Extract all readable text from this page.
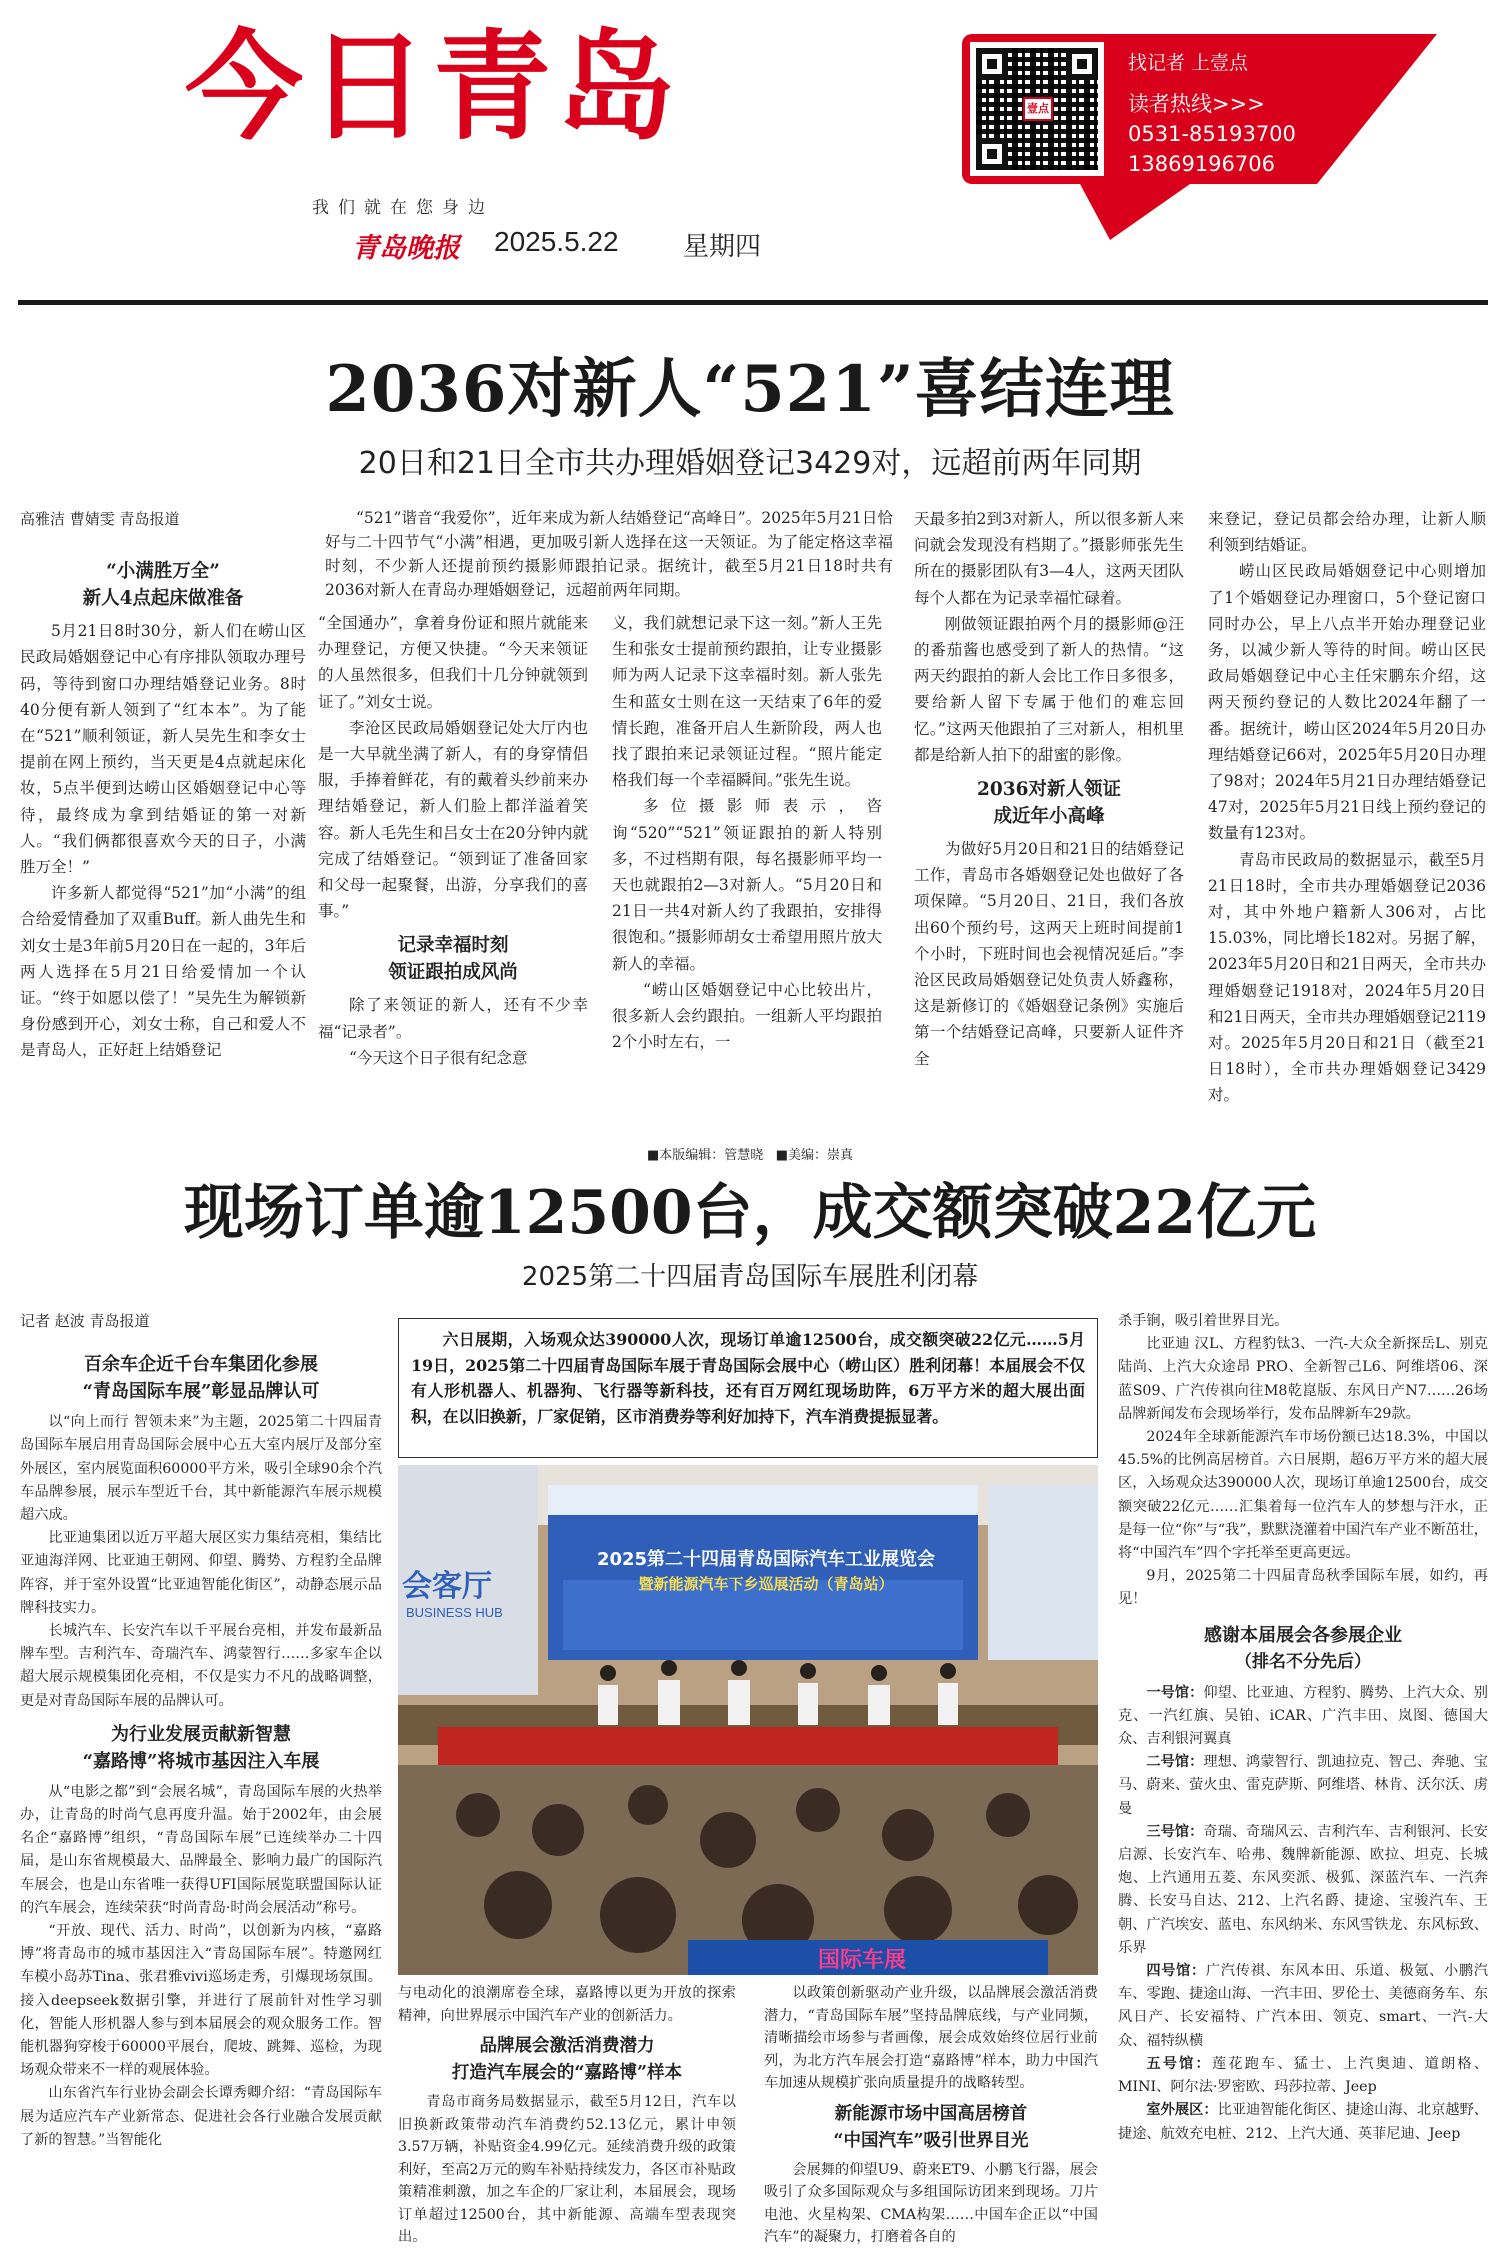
今日青岛
我们就在您身边
青岛晚报 2025.5.22 星期四
壹点
找记者 上壹点
读者热线>>>
0531-85193700
13869196706
2036对新人“521”喜结连理
20日和21日全市共办理婚姻登记3429对，远超前两年同期
高雅洁 曹婧雯 青岛报道
“小满胜万全”
新人4点起床做准备

5月21日8时30分，新人们在崂山区民政局婚姻登记中心有序排队领取办理号码，等待到窗口办理结婚登记业务。8时40分便有新人领到了“红本本”。为了能在“521”顺利领证，新人吴先生和李女士提前在网上预约，当天更是4点就起床化妆，5点半便到达崂山区婚姻登记中心等待，最终成为拿到结婚证的第一对新人。“我们俩都很喜欢今天的日子，小满胜万全！”

许多新人都觉得“521”加“小满”的组合给爱情叠加了双重Buff。新人曲先生和刘女士是3年前5月20日在一起的，3年后两人选择在5月21日给爱情加一个认证。“终于如愿以偿了！”吴先生为解锁新身份感到开心，刘女士称，自己和爱人不是青岛人，正好赶上结婚登记

“521”谐音“我爱你”，近年来成为新人结婚登记“高峰日”。2025年5月21日恰好与二十四节气“小满”相遇，更加吸引新人选择在这一天领证。为了能定格这幸福时刻，不少新人还提前预约摄影师跟拍记录。据统计，截至5月21日18时共有2036对新人在青岛办理婚姻登记，远超前两年同期。

“全国通办”，拿着身份证和照片就能来办理登记，方便又快捷。“今天来领证的人虽然很多，但我们十几分钟就领到证了。”刘女士说。

李沧区民政局婚姻登记处大厅内也是一大早就坐满了新人，有的身穿情侣服，手捧着鲜花，有的戴着头纱前来办理结婚登记，新人们脸上都洋溢着笑容。新人毛先生和吕女士在20分钟内就完成了结婚登记。“领到证了准备回家和父母一起聚餐，出游，分享我们的喜事。”

记录幸福时刻
领证跟拍成风尚

除了来领证的新人，还有不少幸福“记录者”。

“今天这个日子很有纪念意

义，我们就想记录下这一刻。”新人王先生和张女士提前预约跟拍，让专业摄影师为两人记录下这幸福时刻。新人张先生和蓝女士则在这一天结束了6年的爱情长跑，准备开启人生新阶段，两人也找了跟拍来记录领证过程。“照片能定格我们每一个幸福瞬间。”张先生说。

多位摄影师表示，咨询“520”“521”领证跟拍的新人特别多，不过档期有限，每名摄影师平均一天也就跟拍2—3对新人。“5月20日和21日一共4对新人约了我跟拍，安排得很饱和。”摄影师胡女士希望用照片放大新人的幸福。

“崂山区婚姻登记中心比较出片，很多新人会约跟拍。一组新人平均跟拍2个小时左右，一

天最多拍2到3对新人，所以很多新人来问就会发现没有档期了。”摄影师张先生所在的摄影团队有3—4人，这两天团队每个人都在为记录幸福忙碌着。

刚做领证跟拍两个月的摄影师@汪的番茄酱也感受到了新人的热情。“这两天约跟拍的新人会比工作日多很多，要给新人留下专属于他们的难忘回忆。”这两天他跟拍了三对新人，相机里都是给新人拍下的甜蜜的影像。

2036对新人领证
成近年小高峰

为做好5月20日和21日的结婚登记工作，青岛市各婚姻登记处也做好了各项保障。“5月20日、21日，我们各放出60个预约号，这两天上班时间提前1个小时，下班时间也会视情况延后。”李沧区民政局婚姻登记处负责人娇鑫称，这是新修订的《婚姻登记条例》实施后第一个结婚登记高峰，只要新人证件齐全

来登记，登记员都会给办理，让新人顺利领到结婚证。

崂山区民政局婚姻登记中心则增加了1个婚姻登记办理窗口，5个登记窗口同时办公，早上八点半开始办理登记业务，以减少新人等待的时间。崂山区民政局婚姻登记中心主任宋鹏东介绍，这两天预约登记的人数比2024年翻了一番。据统计，崂山区2024年5月20日办理结婚登记66对，2025年5月20日办理了98对；2024年5月21日办理结婚登记47对，2025年5月21日线上预约登记的数量有123对。

青岛市民政局的数据显示，截至5月21日18时，全市共办理婚姻登记2036对，其中外地户籍新人306对，占比15.03%，同比增长182对。另据了解，2023年5月20日和21日两天，全市共办理婚姻登记1918对，2024年5月20日和21日两天，全市共办理婚姻登记2119对。2025年5月20日和21日（截至21日18时），全市共办理婚姻登记3429对。

■本版编辑：管慧晓 ■美编：崇真
现场订单逾12500台，成交额突破22亿元
2025第二十四届青岛国际车展胜利闭幕
记者 赵波 青岛报道
百余车企近千台车集团化参展
“青岛国际车展”彰显品牌认可

以“向上而行 智领未来”为主题，2025第二十四届青岛国际车展启用青岛国际会展中心五大室内展厅及部分室外展区，室内展览面积60000平方米，吸引全球90余个汽车品牌参展，展示车型近千台，其中新能源汽车展示规模超六成。

比亚迪集团以近万平超大展区实力集结亮相，集结比亚迪海洋网、比亚迪王朝网、仰望、腾势、方程豹全品牌阵容，并于室外设置“比亚迪智能化街区”，动静态展示品牌科技实力。

长城汽车、长安汽车以千平展台亮相，并发布最新品牌车型。吉利汽车、奇瑞汽车、鸿蒙智行……多家车企以超大展示规模集团化亮相，不仅是实力不凡的战略调整，更是对青岛国际车展的品牌认可。

为行业发展贡献新智慧
“嘉路博”将城市基因注入车展

从“电影之都”到“会展名城”，青岛国际车展的火热举办，让青岛的时尚气息再度升温。始于2002年，由会展名企“嘉路博”组织，“青岛国际车展”已连续举办二十四届，是山东省规模最大、品牌最全、影响力最广的国际汽车展会，也是山东省唯一获得UFI国际展览联盟国际认证的汽车展会，连续荣获“时尚青岛·时尚会展活动”称号。

“开放、现代、活力、时尚”，以创新为内核，“嘉路博”将青岛市的城市基因注入“青岛国际车展”。特邀网红车模小岛苏Tina、张君雅vivi巡场走秀，引爆现场氛围。接入deepseek数据引擎，并进行了展前针对性学习驯化，智能人形机器人参与到本届展会的观众服务工作。智能机器狗穿梭于60000平展台，爬坡、跳舞、巡检，为现场观众带来不一样的观展体验。

山东省汽车行业协会副会长谭秀卿介绍：“青岛国际车展为适应汽车产业新常态、促进社会各行业融合发展贡献了新的智慧。”当智能化

六日展期，入场观众达390000人次，现场订单逾12500台，成交额突破22亿元……5月19日，2025第二十四届青岛国际车展于青岛国际会展中心（崂山区）胜利闭幕！本届展会不仅有人形机器人、机器狗、飞行器等新科技，还有百万网红现场助阵，6万平方米的超大展出面积，在以旧换新，厂家促销，区市消费券等利好加持下，汽车消费提振显著。
2025第二十四届青岛国际汽车工业展览会
暨新能源汽车下乡巡展活动（青岛站）
会客厅
BUSINESS HUB
国际车展

与电动化的浪潮席卷全球，嘉路博以更为开放的探索精神，向世界展示中国汽车产业的创新活力。

品牌展会激活消费潜力
打造汽车展会的“嘉路博”样本

青岛市商务局数据显示，截至5月12日，汽车以旧换新政策带动汽车消费约52.13亿元，累计申领3.57万辆，补贴资金4.99亿元。延续消费升级的政策利好，至高2万元的购车补贴持续发力，各区市补贴政策精准刺激，加之车企的厂家让利，本届展会，现场订单超过12500台，其中新能源、高端车型表现突出。

以政策创新驱动产业升级，以品牌展会激活消费潜力，“青岛国际车展”坚持品牌底线，与产业同频，清晰描绘市场参与者画像，展会成效始终位居行业前列，为北方汽车展会打造“嘉路博”样本，助力中国汽车加速从规模扩张向质量提升的战略转型。

新能源市场中国高居榜首
“中国汽车”吸引世界目光

会展舞的仰望U9、蔚来ET9、小鹏飞行器，展会吸引了众多国际观众与多组国际访团来到现场。刀片电池、火星构架、CMA构架……中国车企正以“中国汽车”的凝聚力，打磨着各自的

杀手锏，吸引着世界目光。

比亚迪 汉L、方程豹钛3、一汽-大众全新探岳L、别克陆尚、上汽大众途昂 PRO、全新智己L6、阿维塔06、深蓝S09、广汽传祺向往M8乾崑版、东风日产N7……26场品牌新闻发布会现场举行，发布品牌新车29款。

2024年全球新能源汽车市场份额已达18.3%，中国以45.5%的比例高居榜首。六日展期，超6万平方米的超大展区，入场观众达390000人次，现场订单逾12500台，成交额突破22亿元……汇集着每一位汽车人的梦想与汗水，正是每一位“你”与“我”，默默浇灌着中国汽车产业不断茁壮，将“中国汽车”四个字托举至更高更远。

9月，2025第二十四届青岛秋季国际车展，如约，再见！

感谢本届展会各参展企业
（排名不分先后）

一号馆：仰望、比亚迪、方程豹、腾势、上汽大众、别克、一汽红旗、吴铂、iCAR、广汽丰田、岚图、德国大众、吉利银河翼真

二号馆：理想、鸿蒙智行、凯迪拉克、智己、奔驰、宝马、蔚来、萤火虫、雷克萨斯、阿维塔、林肯、沃尔沃、虏曼

三号馆：奇瑞、奇瑞风云、吉利汽车、吉利银河、长安启源、长安汽车、哈弗、魏牌新能源、欧拉、坦克、长城炮、上汽通用五菱、东风奕派、极狐、深蓝汽车、一汽奔腾、长安马自达、212、上汽名爵、捷途、宝骏汽车、王朝、广汽埃安、蓝电、东风纳米、东风雪铁龙、东风标致、乐界

四号馆：广汽传祺、东风本田、乐道、极氪、小鹏汽车、零跑、捷途山海、一汽丰田、罗伦士、美德商务车、东风日产、长安福特、广汽本田、领克、smart、一汽-大众、福特纵横

五号馆：莲花跑车、猛士、上汽奥迪、道朗格、MINI、阿尔法·罗密欧、玛莎拉蒂、Jeep

室外展区：比亚迪智能化街区、捷途山海、北京越野、捷途、航效充电桩、212、上汽大通、英菲尼迪、Jeep
